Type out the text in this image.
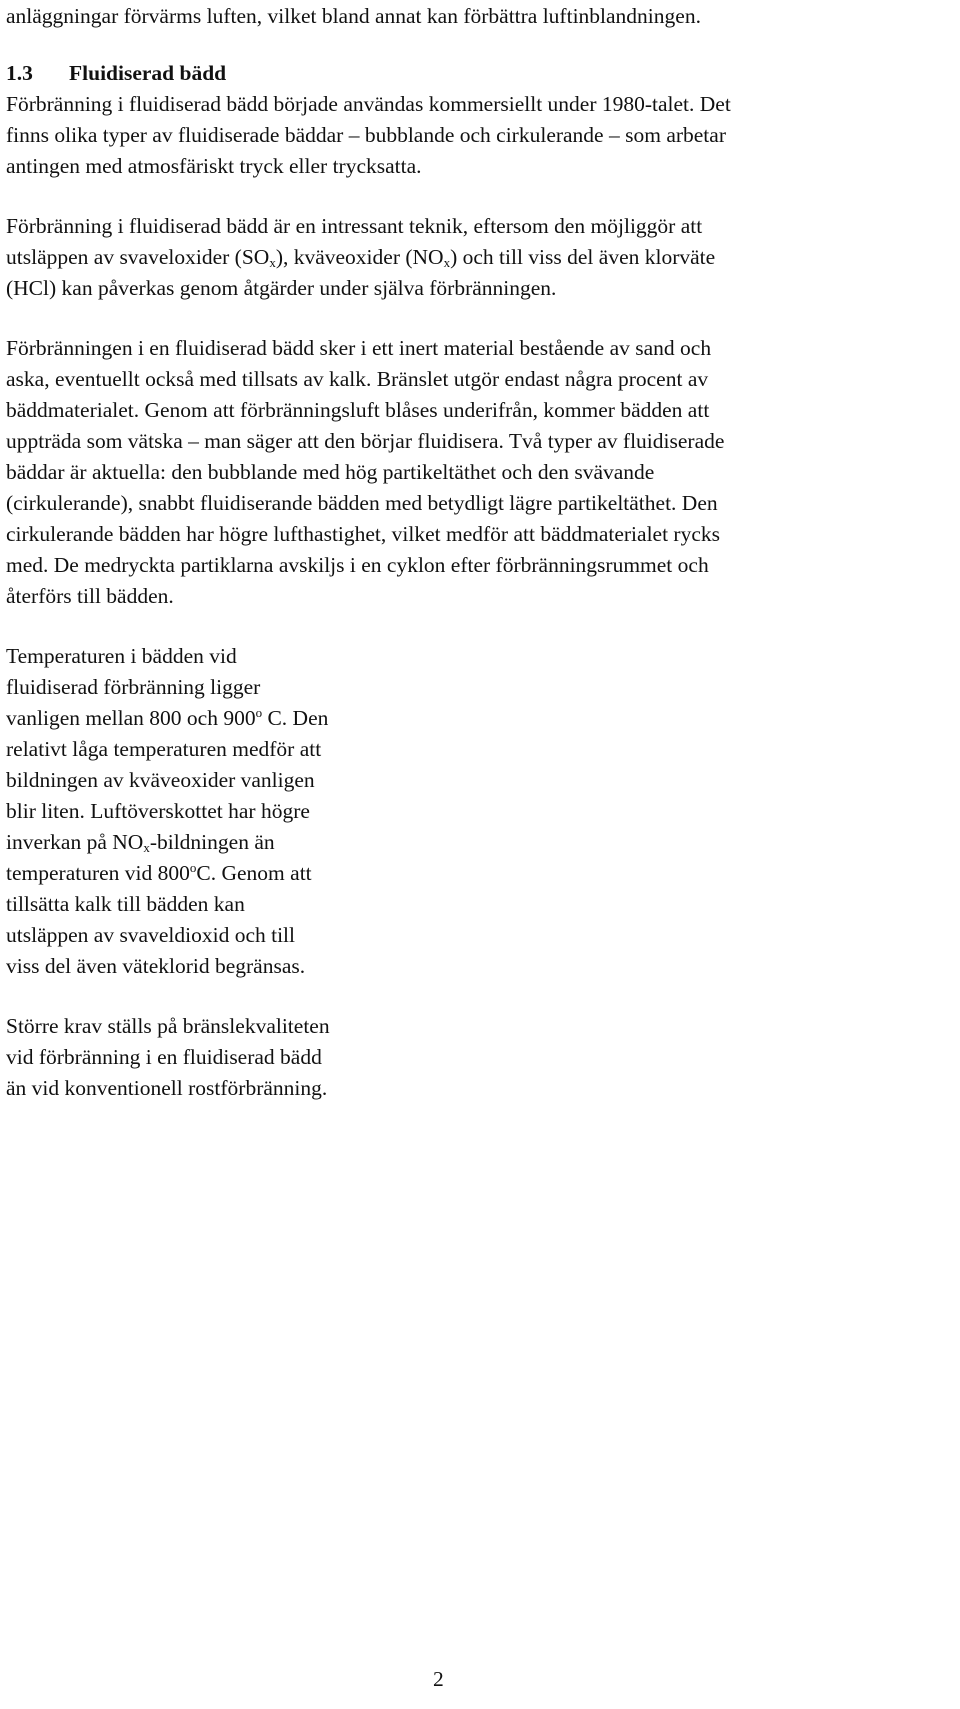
anläggningar förvärms luften, vilket bland annat kan förbättra luftinblandningen.

1.3 Fluidiserad bädd

Förbränning i fluidiserad bädd började användas kommersiellt under 1980-talet. Det

finns olika typer av fluidiserade bäddar – bubblande och cirkulerande – som arbetar

antingen med atmosfäriskt tryck eller trycksatta.

Förbränning i fluidiserad bädd är en intressant teknik, eftersom den möjliggör att

utsläppen av svaveloxider $(SO_x)$, kväveoxider $(NO_x)$ och till viss del även klorväte

(HCl) kan påverkas genom åtgärder under själva förbränningen.

Förbränningen i en fluidiserad bädd sker i ett inert material bestående av sand och

aska, eventuellt också med tillsats av kalk. Bränslet utgör endast några procent av

bäddmaterialet. Genom att förbränningsluft blåses underifrån, kommer bädden att

uppträda som vätska – man säger att den börjar fluidisera. Två typer av fluidiserade

bäddar är aktuella: den bubblande med hög partikeltäthet och den svävande

(cirkulerande), snabbt fluidiserande bädden med betydligt lägre partikeltäthet. Den

cirkulerande bädden har högre lufthastighet, vilket medför att bäddmaterialet rycks

med. De medryckta partiklarna avskiljs i en cyklon efter förbränningsrummet och

återförs till bädden.

Temperaturen i bädden vid

fluidiserad förbränning ligger

vanligen mellan 800 och 900$^o$ C. Den

relativt låga temperaturen medför att

bildningen av kväveoxider vanligen

blir liten. Luftöverskottet har högre

inverkan på $NO_x$-bildningen än

temperaturen vid 800$^o$C. Genom att

tillsätta kalk till bädden kan

utsläppen av svaveldioxid och till

viss del även väteklorid begränsas.

Större krav ställs på bränslekvaliteten

vid förbränning i en fluidiserad bädd

än vid konventionell rostförbränning.

2
